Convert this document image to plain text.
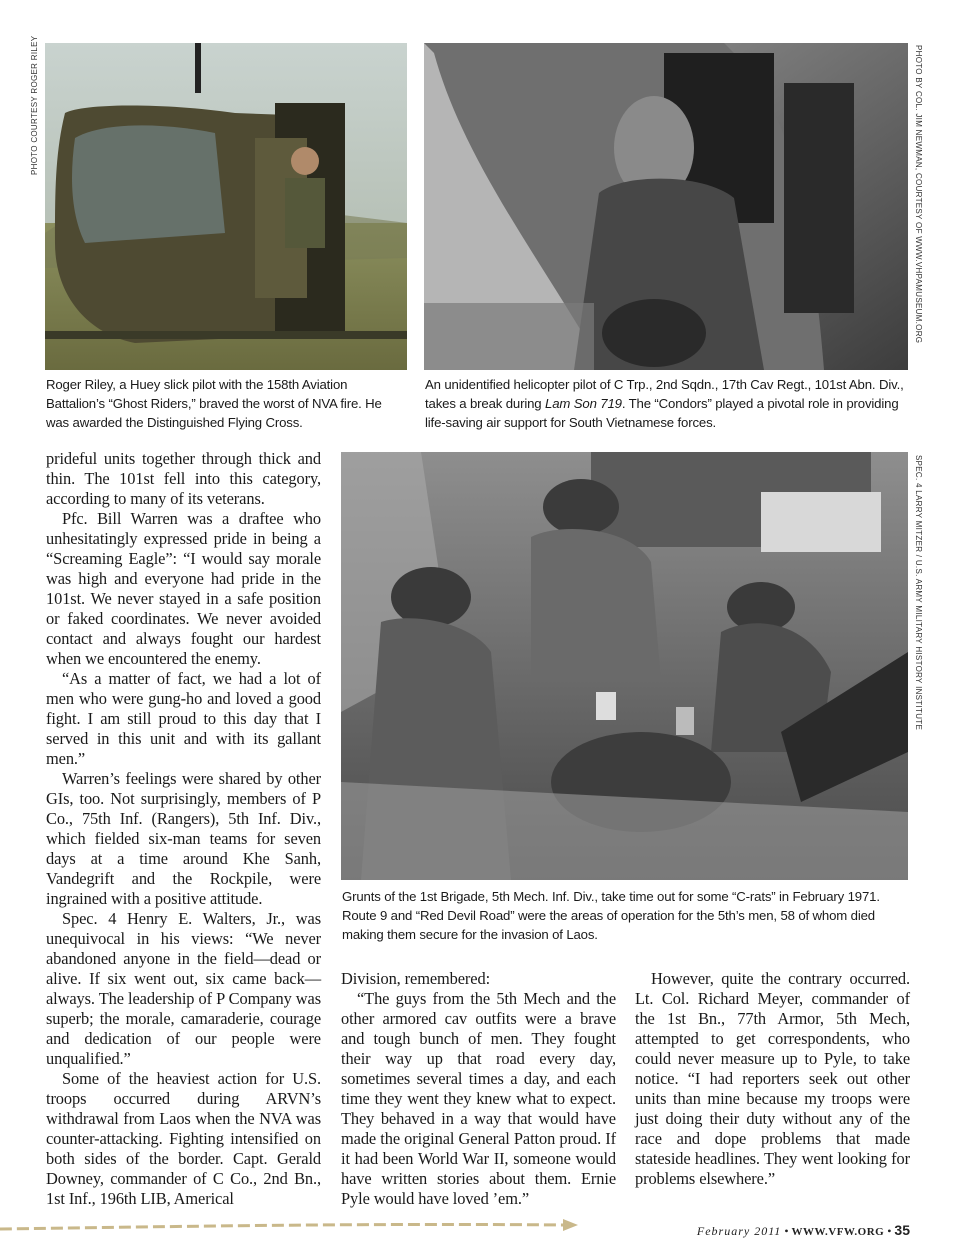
PHOTO COURTESY ROGER RILEY	PHOTO BY COL. JIM NEWMAN, COURTESY OF WWW.VHPAMUSEUM.ORG

Roger Riley, a Huey slick pilot with the 158th Aviation Battalion’s “Ghost Riders,” braved the worst of NVA fire. He was awarded the Distinguished Flying Cross.

An unidentified helicopter pilot of C Trp., 2nd Sqdn., 17th Cav Regt., 101st Abn. Div., takes a break during Lam Son 719. The “Condors” played a pivotal role in providing life-saving air support for South Vietnamese forces.

SPEC. 4 LARRY MITZER / U.S. ARMY MILITARY HISTORY INSTITUTE

Grunts of the 1st Brigade, 5th Mech. Inf. Div., take time out for some “C-rats” in February 1971. Route 9 and “Red Devil Road” were the areas of operation for the 5th’s men, 58 of whom died making them secure for the invasion of Laos.

prideful units together through thick and thin. The 101st fell into this category, according to many of its veterans.

Pfc. Bill Warren was a draftee who unhesitatingly expressed pride in being a “Screaming Eagle”: “I would say morale was high and everyone had pride in the 101st. We never stayed in a safe position or faked coordinates. We never avoided contact and always fought our hardest when we encountered the enemy.

“As a matter of fact, we had a lot of men who were gung-ho and loved a good fight. I am still proud to this day that I served in this unit and with its gallant men.”

Warren’s feelings were shared by other GIs, too. Not surprisingly, members of P Co., 75th Inf. (Rangers), 5th Inf. Div., which fielded six-man teams for seven days at a time around Khe Sanh, Vandegrift and the Rockpile, were ingrained with a positive attitude.

Spec. 4 Henry E. Walters, Jr., was unequivocal in his views: “We never abandoned anyone in the field—dead or alive. If six went out, six came back—always. The leadership of P Company was superb; the morale, camaraderie, courage and dedication of our people were unqualified.”

Some of the heaviest action for U.S. troops occurred during ARVN’s withdrawal from Laos when the NVA was counter-attacking. Fighting intensified on both sides of the border. Capt. Gerald Downey, commander of C Co., 2nd Bn., 1st Inf., 196th LIB, Americal

Division, remembered:

“The guys from the 5th Mech and the other armored cav outfits were a brave and tough bunch of men. They fought their way up that road every day, sometimes several times a day, and each time they went they knew what to expect. They behaved in a way that would have made the original General Patton proud. If it had been World War II, someone would have written stories about them. Ernie Pyle would have loved ’em.”

However, quite the contrary occurred. Lt. Col. Richard Meyer, commander of the 1st Bn., 77th Armor, 5th Mech, attempted to get correspondents, who could never measure up to Pyle, to take notice. “I had reporters seek out other units than mine because my troops were just doing their duty without any of the race and dope problems that made stateside headlines. They went looking for problems elsewhere.”

February 2011 • WWW.VFW.ORG • 35
